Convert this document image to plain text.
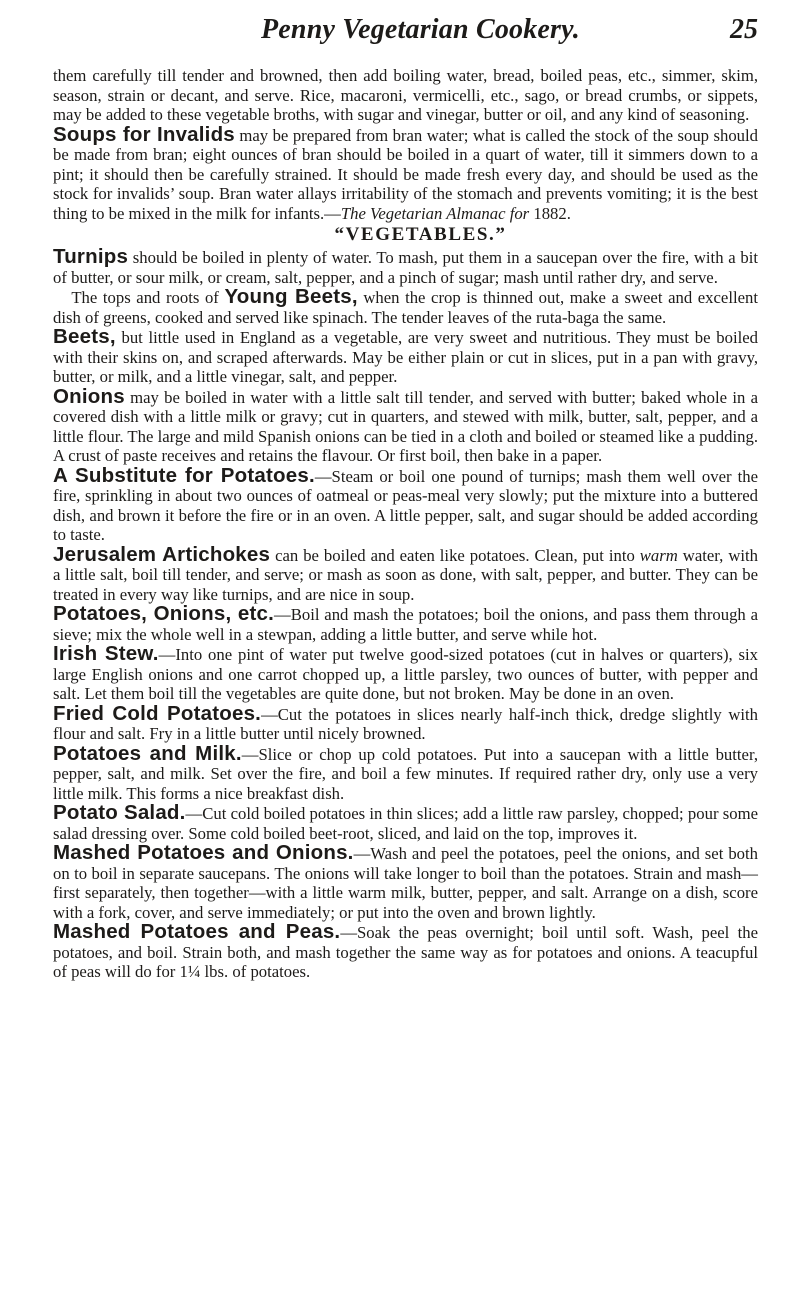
Penny Vegetarian Cookery.	25

them carefully till tender and browned, then add boiling water, bread, boiled peas, etc., simmer, skim, season, strain or decant, and serve. Rice, macaroni, vermicelli, etc., sago, or bread crumbs, or sippets, may be added to these vegetable broths, with sugar and vinegar, butter or oil, and any kind of seasoning.

Soups for Invalids may be prepared from bran water; what is called the stock of the soup should be made from bran; eight ounces of bran should be boiled in a quart of water, till it simmers down to a pint; it should then be carefully strained. It should be made fresh every day, and should be used as the stock for invalids’ soup. Bran water allays irritability of the stomach and prevents vomiting; it is the best thing to be mixed in the milk for infants.—The Vegetarian Almanac for 1882.

“VEGETABLES.”

Turnips should be boiled in plenty of water. To mash, put them in a saucepan over the fire, with a bit of butter, or sour milk, or cream, salt, pepper, and a pinch of sugar; mash until rather dry, and serve.

The tops and roots of Young Beets, when the crop is thinned out, make a sweet and excellent dish of greens, cooked and served like spinach. The tender leaves of the ruta-baga the same.

Beets, but little used in England as a vegetable, are very sweet and nutritious. They must be boiled with their skins on, and scraped afterwards. May be either plain or cut in slices, put in a pan with gravy, butter, or milk, and a little vinegar, salt, and pepper.

Onions may be boiled in water with a little salt till tender, and served with butter; baked whole in a covered dish with a little milk or gravy; cut in quarters, and stewed with milk, butter, salt, pepper, and a little flour. The large and mild Spanish onions can be tied in a cloth and boiled or steamed like a pudding. A crust of paste receives and retains the flavour. Or first boil, then bake in a paper.

A Substitute for Potatoes.—Steam or boil one pound of turnips; mash them well over the fire, sprinkling in about two ounces of oatmeal or peas-meal very slowly; put the mixture into a buttered dish, and brown it before the fire or in an oven. A little pepper, salt, and sugar should be added according to taste.

Jerusalem Artichokes can be boiled and eaten like potatoes. Clean, put into warm water, with a little salt, boil till tender, and serve; or mash as soon as done, with salt, pepper, and butter. They can be treated in every way like turnips, and are nice in soup.

Potatoes, Onions, etc.—Boil and mash the potatoes; boil the onions, and pass them through a sieve; mix the whole well in a stewpan, adding a little butter, and serve while hot.

Irish Stew.—Into one pint of water put twelve good-sized potatoes (cut in halves or quarters), six large English onions and one carrot chopped up, a little parsley, two ounces of butter, with pepper and salt. Let them boil till the vegetables are quite done, but not broken. May be done in an oven.

Fried Cold Potatoes.—Cut the potatoes in slices nearly half-inch thick, dredge slightly with flour and salt. Fry in a little butter until nicely browned.

Potatoes and Milk.—Slice or chop up cold potatoes. Put into a saucepan with a little butter, pepper, salt, and milk. Set over the fire, and boil a few minutes. If required rather dry, only use a very little milk. This forms a nice breakfast dish.

Potato Salad.—Cut cold boiled potatoes in thin slices; add a little raw parsley, chopped; pour some salad dressing over. Some cold boiled beet-root, sliced, and laid on the top, improves it.

Mashed Potatoes and Onions.—Wash and peel the potatoes, peel the onions, and set both on to boil in separate saucepans. The onions will take longer to boil than the potatoes. Strain and mash—first separately, then together—with a little warm milk, butter, pepper, and salt. Arrange on a dish, score with a fork, cover, and serve immediately; or put into the oven and brown lightly.

Mashed Potatoes and Peas.—Soak the peas overnight; boil until soft. Wash, peel the potatoes, and boil. Strain both, and mash together the same way as for potatoes and onions. A teacupful of peas will do for 1¼ lbs. of potatoes.
